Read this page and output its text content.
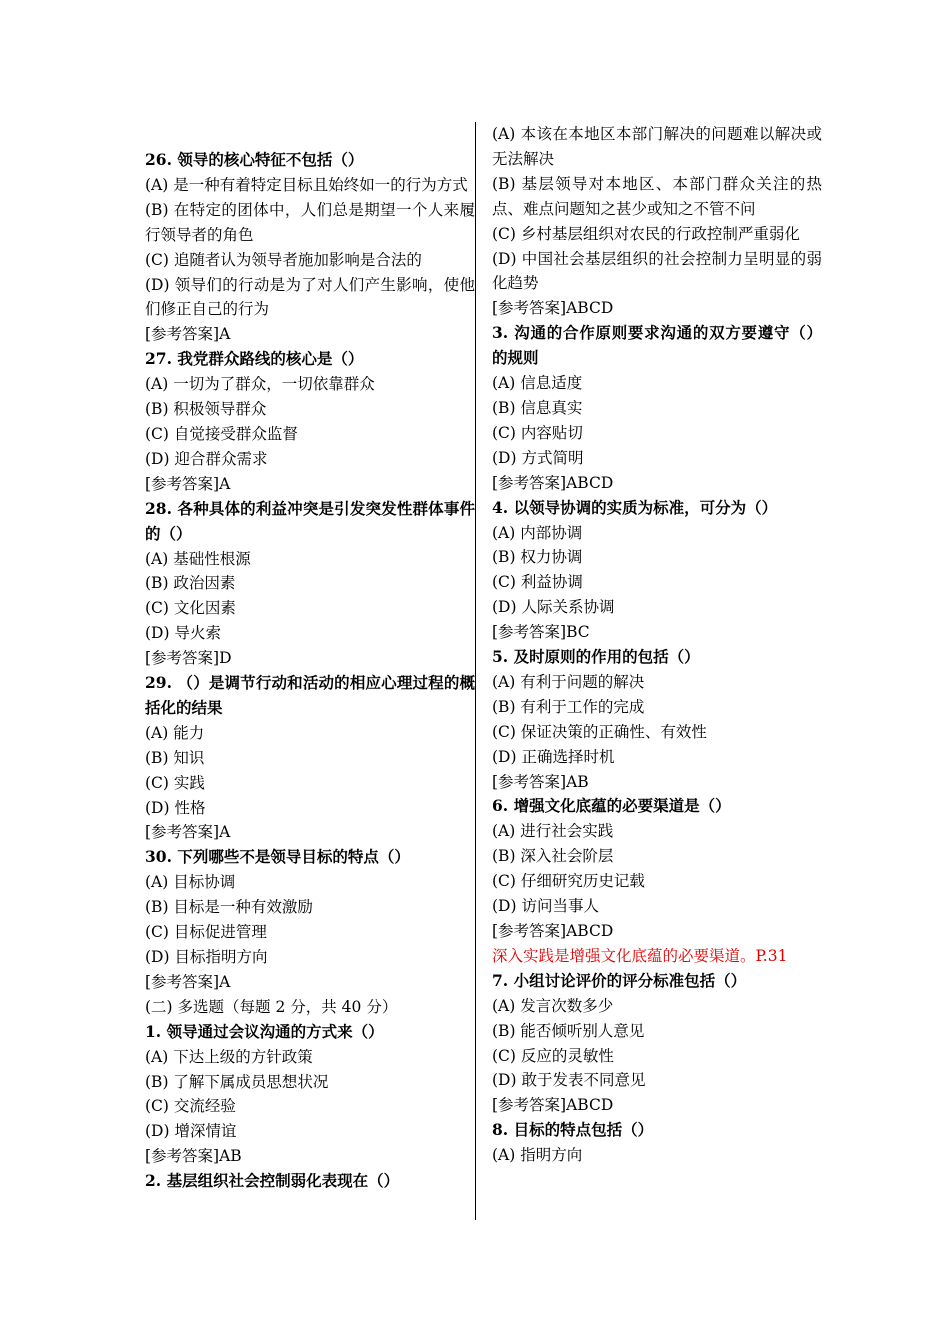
26. 领导的核心特征不包括（）
(A) 是一种有着特定目标且始终如一的行为方式
(B) 在特定的团体中，人们总是期望一个人来履行领导者的角色
(C) 追随者认为领导者施加影响是合法的
(D) 领导们的行动是为了对人们产生影响，使他们修正自己的行为
[参考答案]A
27. 我党群众路线的核心是（）
(A) 一切为了群众，一切依靠群众
(B) 积极领导群众
(C) 自觉接受群众监督
(D) 迎合群众需求
[参考答案]A
28. 各种具体的利益冲突是引发突发性群体事件的（）
(A) 基础性根源
(B) 政治因素
(C) 文化因素
(D) 导火索
[参考答案]D
29. （）是调节行动和活动的相应心理过程的概括化的结果
(A) 能力
(B) 知识
(C) 实践
(D) 性格
[参考答案]A
30. 下列哪些不是领导目标的特点（）
(A) 目标协调
(B) 目标是一种有效激励
(C) 目标促进管理
(D) 目标指明方向
[参考答案]A
(二) 多选题（每题 2 分，共 40 分）
1. 领导通过会议沟通的方式来（）
(A) 下达上级的方针政策
(B) 了解下属成员思想状况
(C) 交流经验
(D) 增深情谊
[参考答案]AB
2. 基层组织社会控制弱化表现在（）
(A) 本该在本地区本部门解决的问题难以解决或无法解决
(B) 基层领导对本地区、本部门群众关注的热点、难点问题知之甚少或知之不管不问
(C) 乡村基层组织对农民的行政控制严重弱化
(D) 中国社会基层组织的社会控制力呈明显的弱化趋势
[参考答案]ABCD
3. 沟通的合作原则要求沟通的双方要遵守（）的规则
(A) 信息适度
(B) 信息真实
(C) 内容贴切
(D) 方式简明
[参考答案]ABCD
4. 以领导协调的实质为标准，可分为（）
(A) 内部协调
(B) 权力协调
(C) 利益协调
(D) 人际关系协调
[参考答案]BC
5. 及时原则的作用的包括（）
(A) 有利于问题的解决
(B) 有利于工作的完成
(C) 保证决策的正确性、有效性
(D) 正确选择时机
[参考答案]AB
6. 增强文化底蕴的必要渠道是（）
(A) 进行社会实践
(B) 深入社会阶层
(C) 仔细研究历史记载
(D) 访问当事人
[参考答案]ABCD
深入实践是增强文化底蕴的必要渠道。P.31
7. 小组讨论评价的评分标准包括（）
(A) 发言次数多少
(B) 能否倾听别人意见
(C) 反应的灵敏性
(D) 敢于发表不同意见
[参考答案]ABCD
8. 目标的特点包括（）
(A) 指明方向
